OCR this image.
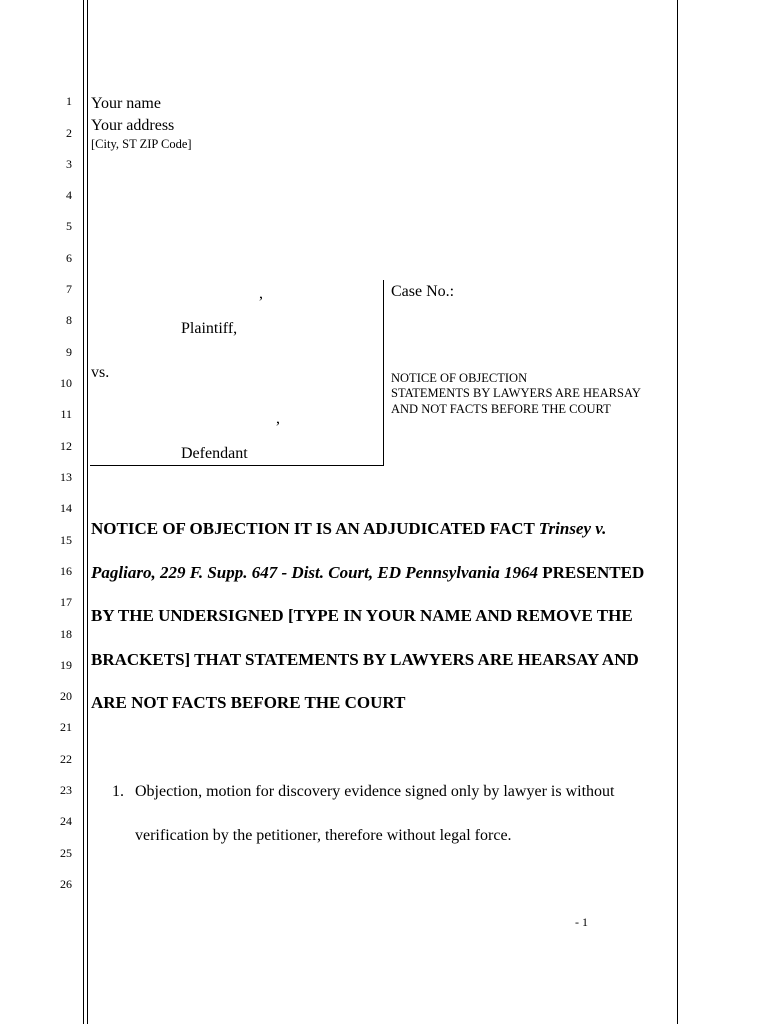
1
2
3
4
5
6
7
8
9
10
11
12
13
14
15
16
17
18
19
20
21
22
23
24
25
26
Your name
Your address
[City, ST ZIP Code]
,
Plaintiff,
vs.
,
Defendant
Case No.:
NOTICE OF OBJECTION
STATEMENTS BY LAWYERS ARE HEARSAY
AND NOT FACTS BEFORE THE COURT
NOTICE OF OBJECTION IT IS AN ADJUDICATED FACT Trinsey v.
Pagliaro, 229 F. Supp. 647 - Dist. Court, ED Pennsylvania 1964 PRESENTED
BY THE UNDERSIGNED [TYPE IN YOUR NAME AND REMOVE THE
BRACKETS] THAT STATEMENTS BY LAWYERS ARE HEARSAY AND
ARE NOT FACTS BEFORE THE COURT
1. Objection, motion for discovery evidence signed only by lawyer is without
verification by the petitioner, therefore without legal force.
- 1
